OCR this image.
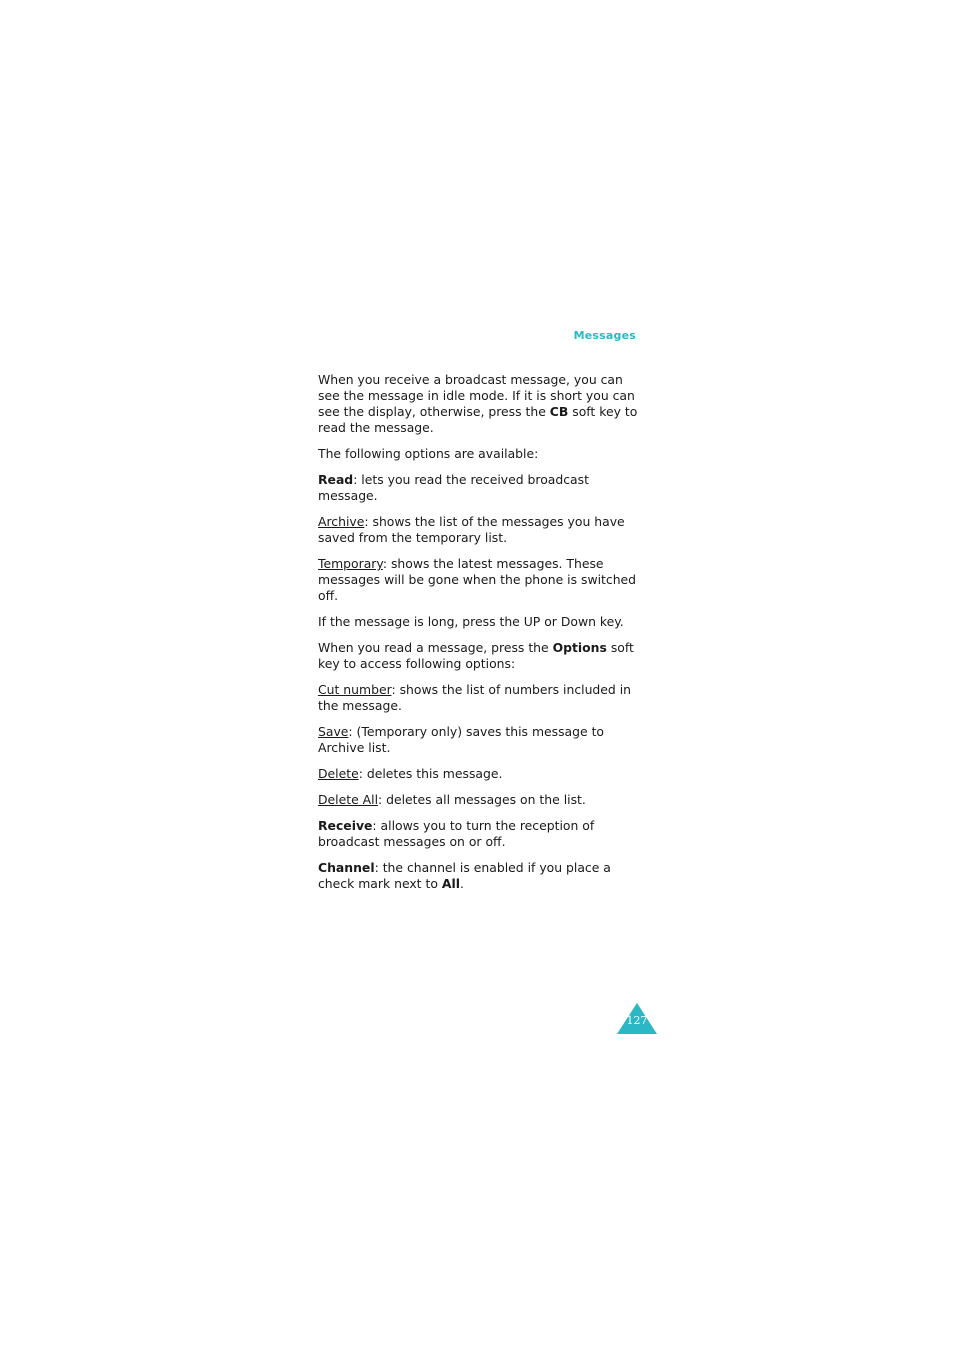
Messages

When you receive a broadcast message, you can see the message in idle mode. If it is short you can see the display, otherwise, press the CB soft key to read the message.

The following options are available:

Read: lets you read the received broadcast message.

Archive: shows the list of the messages you have saved from the temporary list.

Temporary: shows the latest messages. These messages will be gone when the phone is switched off.

If the message is long, press the UP or Down key.

When you read a message, press the Options soft key to access following options:

Cut number: shows the list of numbers included in the message.

Save: (Temporary only) saves this message to Archive list.

Delete: deletes this message.

Delete All: deletes all messages on the list.

Receive: allows you to turn the reception of broadcast messages on or off.

Channel: the channel is enabled if you place a check mark next to All.

127
